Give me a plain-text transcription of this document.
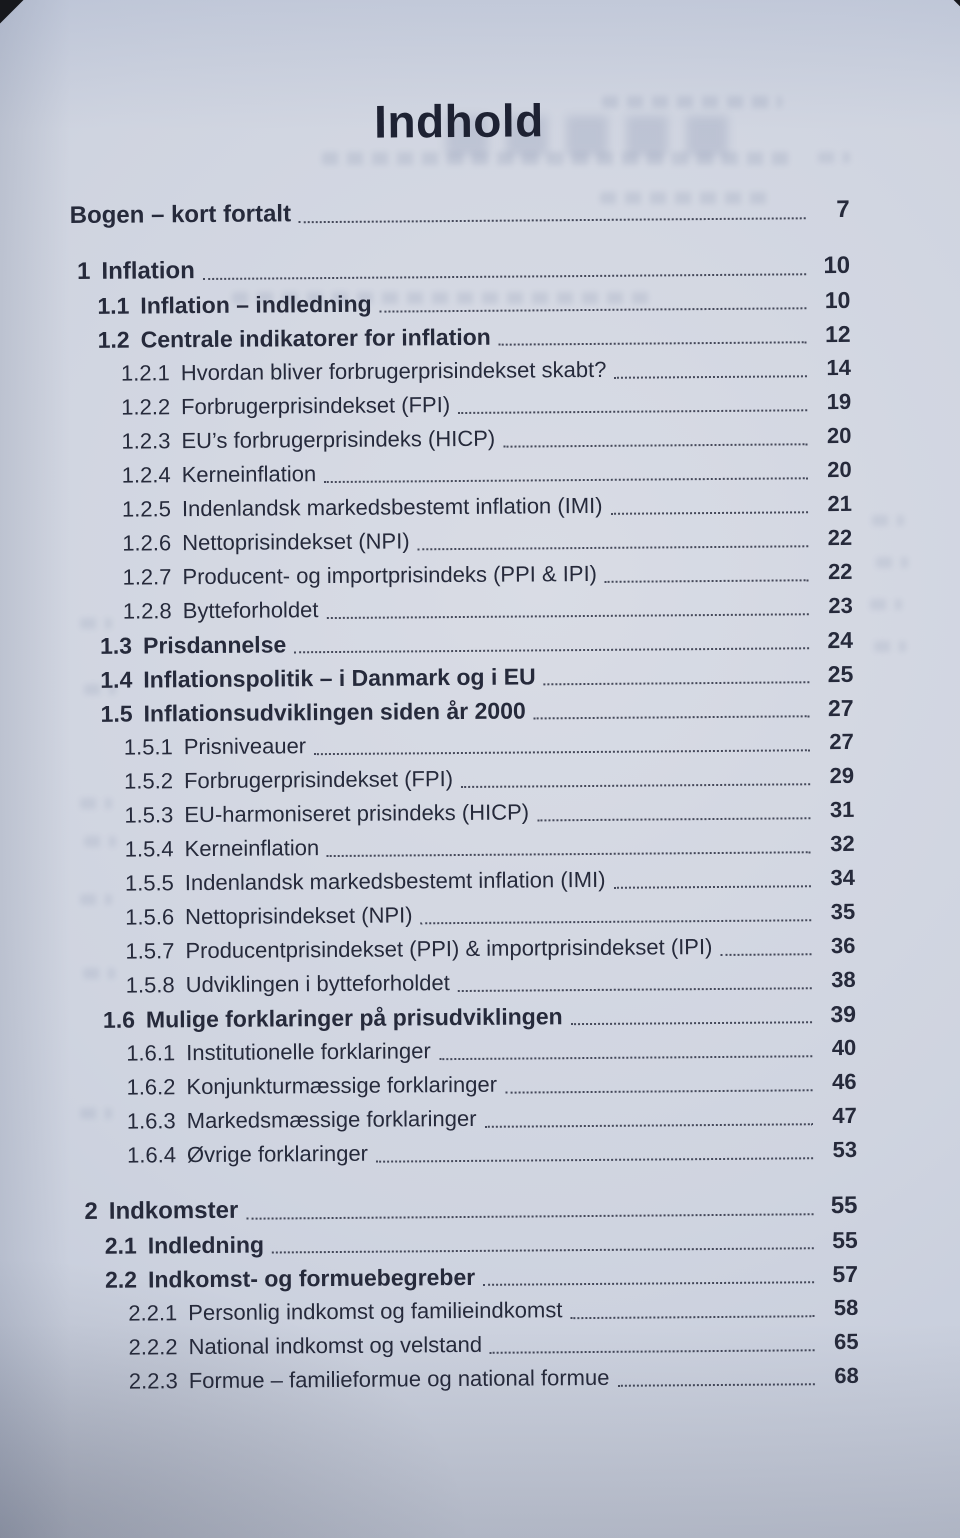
Indhold
Bogen – kort fortalt	7
1 Inflation	10
1.1 Inflation – indledning	10
1.2 Centrale indikatorer for inflation	12
1.2.1 Hvordan bliver forbrugerprisindekset skabt?	14
1.2.2 Forbrugerprisindekset (FPI)	19
1.2.3 EU’s forbrugerprisindeks (HICP)	20
1.2.4 Kerneinflation	20
1.2.5 Indenlandsk markedsbestemt inflation (IMI)	21
1.2.6 Nettoprisindekset (NPI)	22
1.2.7 Producent- og importprisindeks (PPI & IPI)	22
1.2.8 Bytteforholdet	23
1.3 Prisdannelse	24
1.4 Inflationspolitik – i Danmark og i EU	25
1.5 Inflationsudviklingen siden år 2000	27
1.5.1 Prisniveauer	27
1.5.2 Forbrugerprisindekset (FPI)	29
1.5.3 EU-harmoniseret prisindeks (HICP)	31
1.5.4 Kerneinflation	32
1.5.5 Indenlandsk markedsbestemt inflation (IMI)	34
1.5.6 Nettoprisindekset (NPI)	35
1.5.7 Producentprisindekset (PPI) & importprisindekset (IPI)	36
1.5.8 Udviklingen i bytteforholdet	38
1.6 Mulige forklaringer på prisudviklingen	39
1.6.1 Institutionelle forklaringer	40
1.6.2 Konjunkturmæssige forklaringer	46
1.6.3 Markedsmæssige forklaringer	47
1.6.4 Øvrige forklaringer	53
2 Indkomster	55
2.1 Indledning	55
2.2 Indkomst- og formuebegreber	57
2.2.1 Personlig indkomst og familieindkomst	58
2.2.2 National indkomst og velstand	65
2.2.3 Formue – familieformue og national formue	68
